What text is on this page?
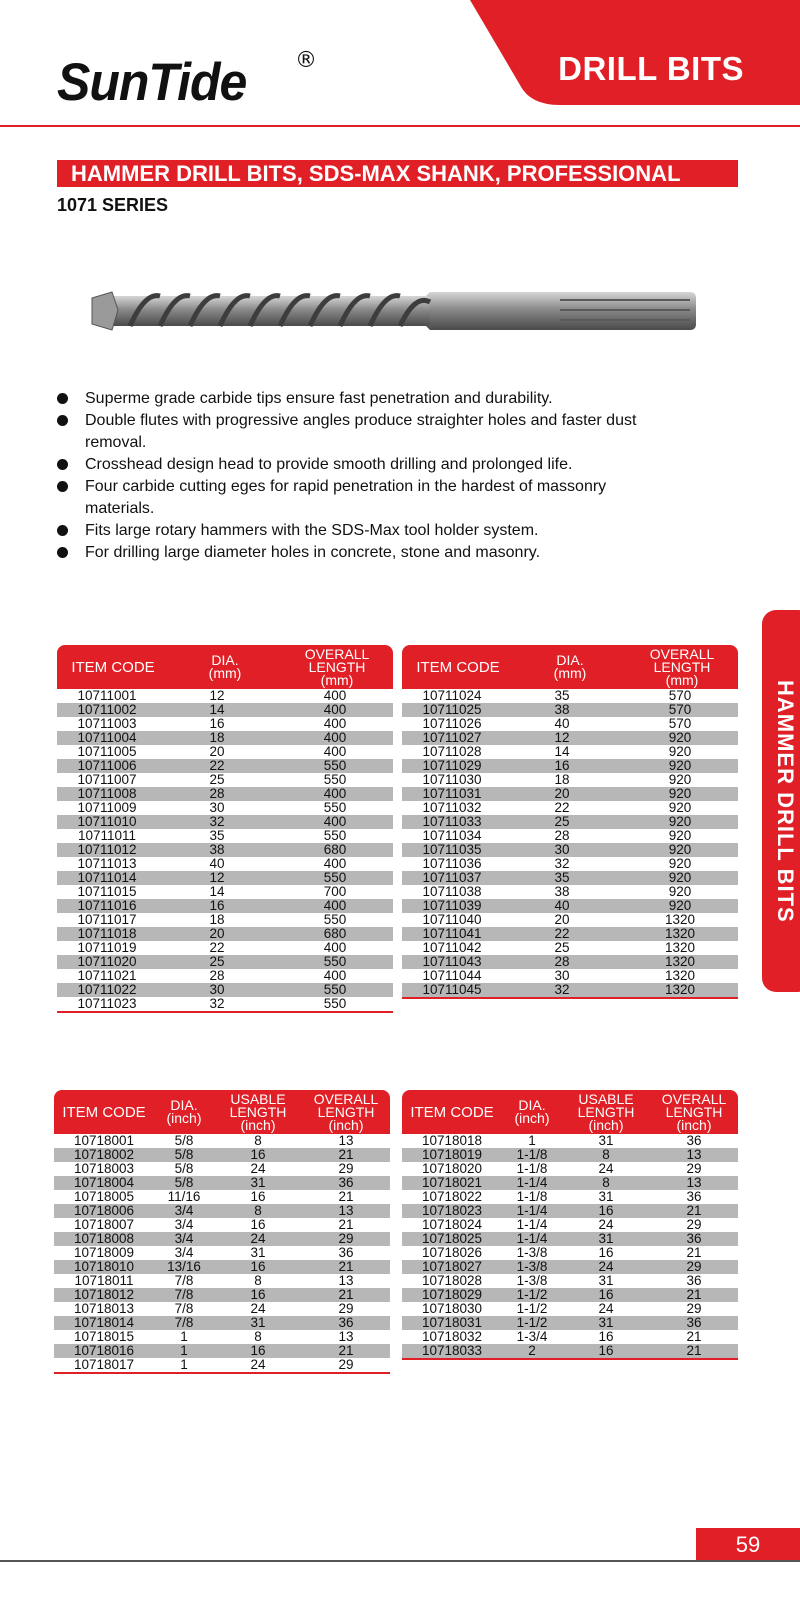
SunTide ®	DRILL BITS
HAMMER DRILL BITS, SDS-MAX SHANK, PROFESSIONAL
1071 SERIES
Superme grade carbide tips ensure fast penetration and durability.
Double flutes with progressive angles produce straighter holes and faster dust removal.
Crosshead design head to provide smooth drilling and prolonged life.
Four carbide cutting eges for rapid penetration in the hardest of massonry materials.
Fits large rotary hammers with the SDS-Max tool holder system.
For drilling large diameter holes in concrete, stone and masonry.
HAMMER DRILL BITS
ITEM CODE	DIA.
(mm)
OVERALL
LENGTH
(mm)
10711001	12	400
10711002	14	400
10711003	16	400
10711004	18	400
10711005	20	400
10711006	22	550
10711007	25	550
10711008	28	400
10711009	30	550
10711010	32	400
10711011	35	550
10711012	38	680
10711013	40	400
10711014	12	550
10711015	14	700
10711016	16	400
10711017	18	550
10711018	20	680
10711019	22	400
10711020	25	550
10711021	28	400
10711022	30	550
10711023	32	550
ITEM CODE	DIA.
(mm)
OVERALL
LENGTH
(mm)
10711024	35	570
10711025	38	570
10711026	40	570
10711027	12	920
10711028	14	920
10711029	16	920
10711030	18	920
10711031	20	920
10711032	22	920
10711033	25	920
10711034	28	920
10711035	30	920
10711036	32	920
10711037	35	920
10711038	38	920
10711039	40	920
10711040	20	1320
10711041	22	1320
10711042	25	1320
10711043	28	1320
10711044	30	1320
10711045	32	1320
ITEM CODE	DIA.
(inch)
USABLE
LENGTH
(inch)
OVERALL
LENGTH
(inch)
10718001	5/8	8	13
10718002	5/8	16	21
10718003	5/8	24	29
10718004	5/8	31	36
10718005	11/16	16	21
10718006	3/4	8	13
10718007	3/4	16	21
10718008	3/4	24	29
10718009	3/4	31	36
10718010	13/16	16	21
10718011	7/8	8	13
10718012	7/8	16	21
10718013	7/8	24	29
10718014	7/8	31	36
10718015	1	8	13
10718016	1	16	21
10718017	1	24	29
ITEM CODE	DIA.
(inch)
USABLE
LENGTH
(inch)
OVERALL
LENGTH
(inch)
10718018	1	31	36
10718019	1-1/8	8	13
10718020	1-1/8	24	29
10718021	1-1/4	8	13
10718022	1-1/8	31	36
10718023	1-1/4	16	21
10718024	1-1/4	24	29
10718025	1-1/4	31	36
10718026	1-3/8	16	21
10718027	1-3/8	24	29
10718028	1-3/8	31	36
10718029	1-1/2	16	21
10718030	1-1/2	24	29
10718031	1-1/2	31	36
10718032	1-3/4	16	21
10718033	2	16	21
59
